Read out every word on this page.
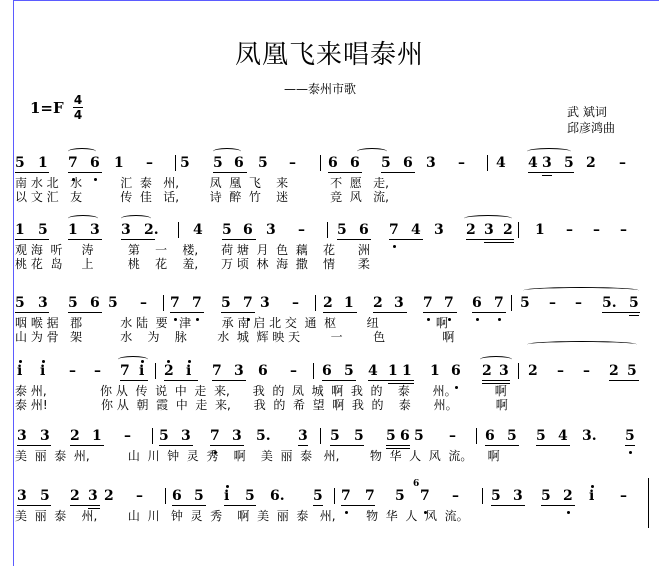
凤凰飞来唱泰州
——泰州市歌
1=F 4
4	武 斌词
邱彦鸿曲
5 1 7 6 1 – 5 5 6 5 – 6 6 5 6 3 – 4 4 3 5 2 –
南 水 北   水          汇  泰   州,        凤  凰  飞    来           不  愿   走,
以 文 汇   友          传  佳   话,        诗  醉  竹    迷           竞  风   流,
1 5 1 3 3 2. 4 5 6 3 – 5 6 7 4 3 2 3 2 1 – – –
观 海  听     涛         第    一    楼,      荷 塘  月  色  藕    花      洲
桃 花  岛     上         桃    花    羞,      万 顷  林  海  撒    情      柔
5 3 5 6 5 – 7 7 5 7 3 – 2 1 2 3 7 7 6 7 5 – – 5. 5
咽 喉 据   郡          水 陆  要   津        承 南 启 北 交  通  枢        纽               啊
山 为 骨   架          水    为    脉        水  城  辉 映 天        一        色               啊
i i – – 7 i 2 i 7 3 6 – 6 5 4 1 1 1 6 2 3 2 – – 2 5
泰 州,              你 从  传  说  中  走  来,      我  的  凤  城  啊  我  的    泰      州。          啊
泰 州!              你 从  朝  霞  中  走  来,      我  的  希  望  啊  我  的    泰      州。          啊
3 3 2 1 – 5 3 7 3 5. 3 5 5 5 6 5 – 6 5 5 4 3. 5
美  丽  泰  州,          山  川  钟  灵  秀    啊    美  丽  泰   州,        物  华  人  风  流。    啊
3 5 2 3 2 – 6 5 i 5 6. 5 7 7 5 7 – 5 3 5 2 i –
6
美  丽  泰    州,        山  川   钟  灵  秀    啊  美  丽  泰   州,        物  华  人  风  流。
